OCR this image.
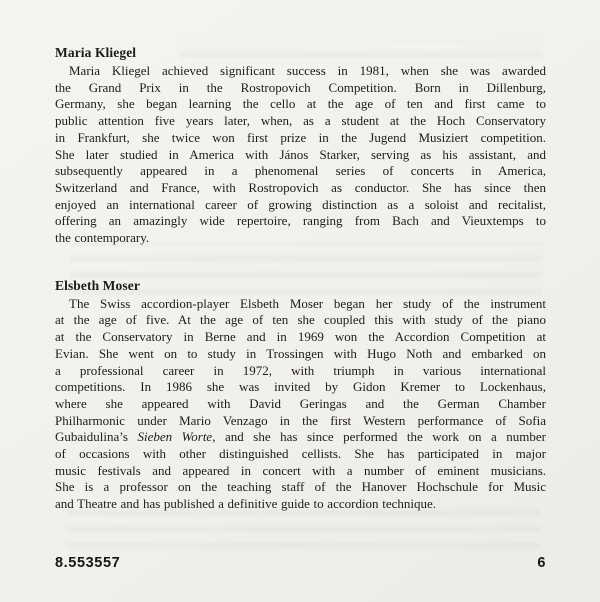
Maria Kliegel
Maria Kliegel achieved significant success in 1981, when she was awarded
the Grand Prix in the Rostropovich Competition. Born in Dillenburg,
Germany, she began learning the cello at the age of ten and first came to
public attention five years later, when, as a student at the Hoch Conservatory
in Frankfurt, she twice won first prize in the Jugend Musiziert competition.
She later studied in America with János Starker, serving as his assistant, and
subsequently appeared in a phenomenal series of concerts in America,
Switzerland and France, with Rostropovich as conductor. She has since then
enjoyed an international career of growing distinction as a soloist and recitalist,
offering an amazingly wide repertoire, ranging from Bach and Vieuxtemps to
the contemporary.
Elsbeth Moser
The Swiss accordion-player Elsbeth Moser began her study of the instrument
at the age of five. At the age of ten she coupled this with study of the piano
at the Conservatory in Berne and in 1969 won the Accordion Competition at
Evian. She went on to study in Trossingen with Hugo Noth and embarked on
a professional career in 1972, with triumph in various international
competitions. In 1986 she was invited by Gidon Kremer to Lockenhaus,
where she appeared with David Geringas and the German Chamber
Philharmonic under Mario Venzago in the first Western performance of Sofia
Gubaidulina’s Sieben Worte, and she has since performed the work on a number
of occasions with other distinguished cellists. She has participated in major
music festivals and appeared in concert with a number of eminent musicians.
She is a professor on the teaching staff of the Hanover Hochschule for Music
and Theatre and has published a definitive guide to accordion technique.
8.553557	6
